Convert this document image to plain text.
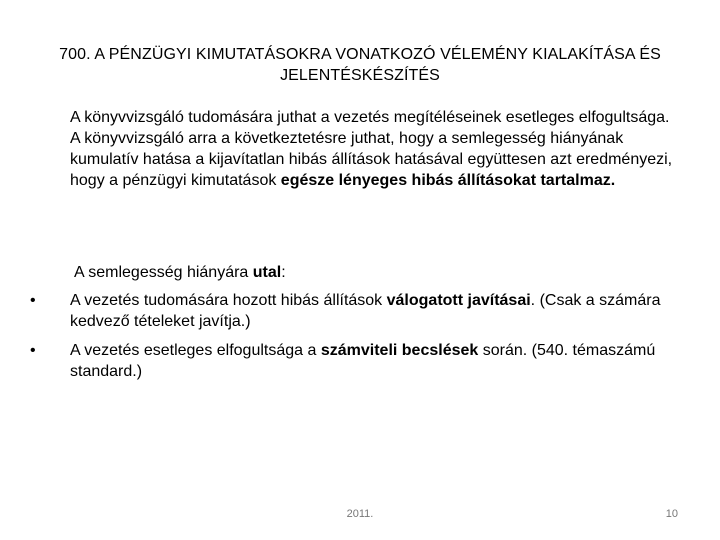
700. A PÉNZÜGYI KIMUTATÁSOKRA VONATKOZÓ VÉLEMÉNY KIALAKÍTÁSA ÉS
JELENTÉSKÉSZÍTÉS
A könyvvizsgáló tudomására juthat a vezetés megítéléseinek esetleges elfogultsága. A könyvvizsgáló arra a következtetésre juthat, hogy a semlegesség hiányának kumulatív hatása a kijavítatlan hibás állítások hatásával együttesen azt eredményezi, hogy a pénzügyi kimutatások egésze lényeges hibás állításokat tartalmaz.
A semlegesség hiányára utal:
• A vezetés tudomására hozott hibás állítások válogatott javításai. (Csak a számára kedvező tételeket javítja.)
• A vezetés esetleges elfogultsága a számviteli becslések során. (540. témaszámú standard.)
2011.	10
